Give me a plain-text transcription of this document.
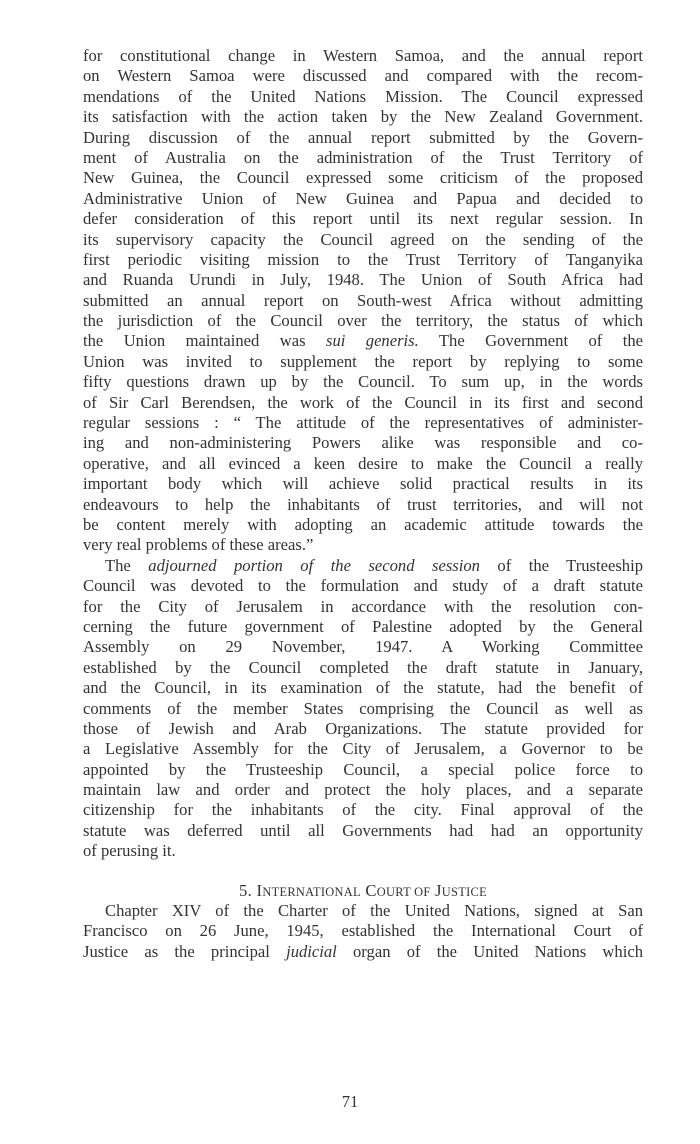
for constitutional change in Western Samoa, and the annual report
on Western Samoa were discussed and compared with the recom-
mendations of the United Nations Mission. The Council expressed
its satisfaction with the action taken by the New Zealand Government.
During discussion of the annual report submitted by the Govern-
ment of Australia on the administration of the Trust Territory of
New Guinea, the Council expressed some criticism of the proposed
Administrative Union of New Guinea and Papua and decided to
defer consideration of this report until its next regular session. In
its supervisory capacity the Council agreed on the sending of the
first periodic visiting mission to the Trust Territory of Tanganyika
and Ruanda Urundi in July, 1948. The Union of South Africa had
submitted an annual report on South-west Africa without admitting
the jurisdiction of the Council over the territory, the status of which
the Union maintained was sui generis. The Government of the
Union was invited to supplement the report by replying to some
fifty questions drawn up by the Council. To sum up, in the words
of Sir Carl Berendsen, the work of the Council in its first and second
regular sessions : “ The attitude of the representatives of administer-
ing and non-administering Powers alike was responsible and co-
operative, and all evinced a keen desire to make the Council a really
important body which will achieve solid practical results in its
endeavours to help the inhabitants of trust territories, and will not
be content merely with adopting an academic attitude towards the
very real problems of these areas.”
The adjourned portion of the second session of the Trusteeship
Council was devoted to the formulation and study of a draft statute
for the City of Jerusalem in accordance with the resolution con-
cerning the future government of Palestine adopted by the General
Assembly on 29 November, 1947. A Working Committee
established by the Council completed the draft statute in January,
and the Council, in its examination of the statute, had the benefit of
comments of the member States comprising the Council as well as
those of Jewish and Arab Organizations. The statute provided for
a Legislative Assembly for the City of Jerusalem, a Governor to be
appointed by the Trusteeship Council, a special police force to
maintain law and order and protect the holy places, and a separate
citizenship for the inhabitants of the city. Final approval of the
statute was deferred until all Governments had had an opportunity
of perusing it.
5. INTERNATIONAL COURT OF JUSTICE
Chapter XIV of the Charter of the United Nations, signed at San
Francisco on 26 June, 1945, established the International Court of
Justice as the principal judicial organ of the United Nations which
71
